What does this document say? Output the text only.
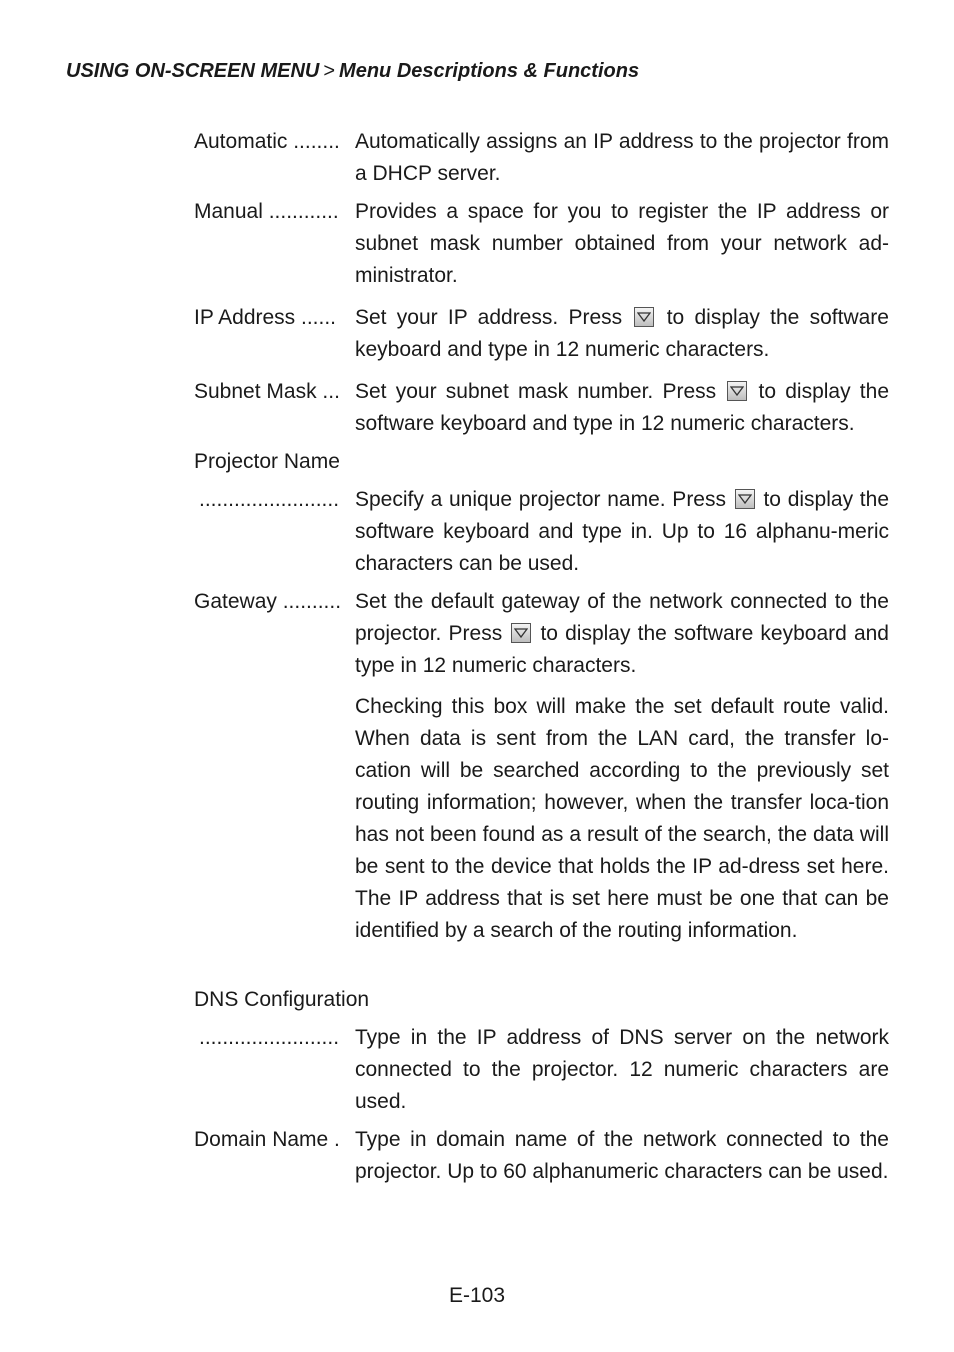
USING ON-SCREEN MENU > Menu Descriptions & Functions
Automatic ........ Automatically assigns an IP address to the projector from a DHCP server.
Manual ............ Provides a space for you to register the IP address or subnet mask number obtained from your network ad-ministrator.
IP Address ...... Set your IP address. Press to display the software keyboard and type in 12 numeric characters.
Subnet Mask ... Set your subnet mask number. Press to display the software keyboard and type in 12 numeric characters.
Projector Name
........................ Specify a unique projector name. Press to display the software keyboard and type in. Up to 16 alphanu-meric characters can be used.
Gateway .......... Set the default gateway of the network connected to the projector. Press to display the software keyboard and type in 12 numeric characters.
Checking this box will make the set default route valid. When data is sent from the LAN card, the transfer lo-cation will be searched according to the previously set routing information; however, when the transfer loca-tion has not been found as a result of the search, the data will be sent to the device that holds the IP ad-dress set here. The IP address that is set here must be one that can be identified by a search of the routing information.
DNS Configuration
........................ Type in the IP address of DNS server on the network connected to the projector. 12 numeric characters are used.
Domain Name . Type in domain name of the network connected to the projector. Up to 60 alphanumeric characters can be used.
E-103
